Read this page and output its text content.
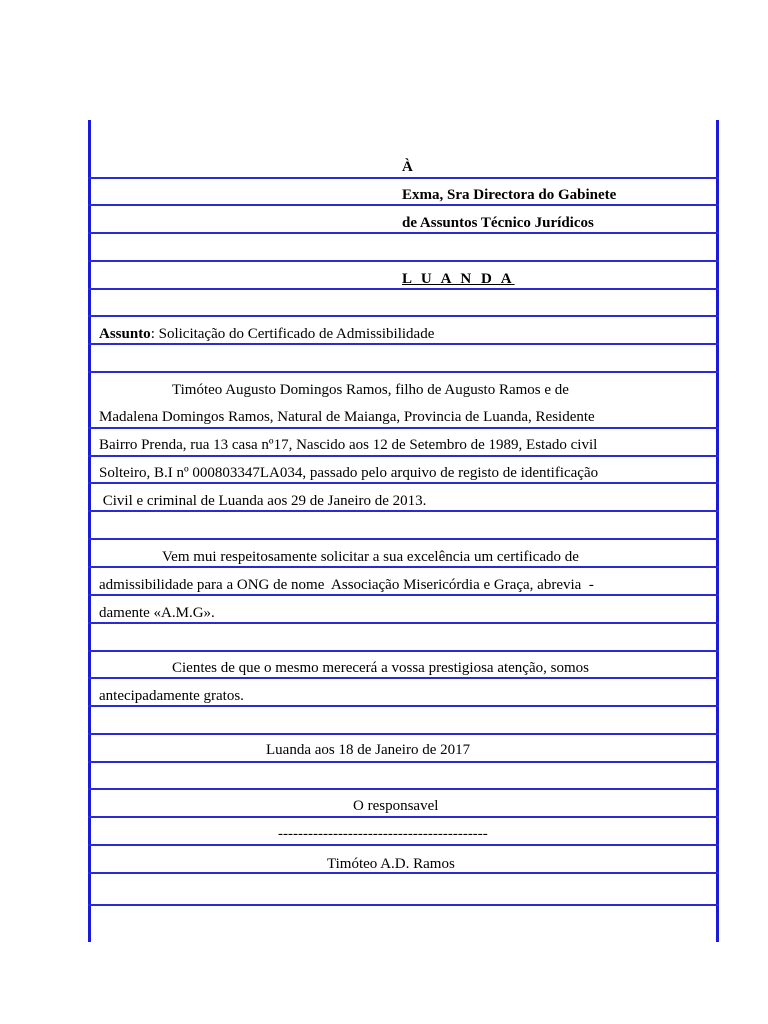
À
Exma, Sra Directora do Gabinete
de Assuntos Técnico Jurídicos
L U A N D A
Assunto: Solicitação do Certificado de Admissibilidade
Timóteo Augusto Domingos Ramos, filho de Augusto Ramos e de
Madalena Domingos Ramos, Natural de Maianga, Provincia de Luanda, Residente
Bairro Prenda, rua 13 casa nº17, Nascido aos 12 de Setembro de 1989, Estado civil
Solteiro, B.I nº 000803347LA034, passado pelo arquivo de registo de identificação
Civil e criminal de Luanda aos 29 de Janeiro de 2013.
Vem mui respeitosamente solicitar a sua excelência um certificado de
admissibilidade para a ONG de nome  Associação Misericórdia e Graça, abrevia  -
damente «A.M.G».
Cientes de que o mesmo merecerá a vossa prestigiosa atenção, somos
antecipadamente gratos.
Luanda aos 18 de Janeiro de 2017
O responsavel
------------------------------------------
Timóteo A.D. Ramos
